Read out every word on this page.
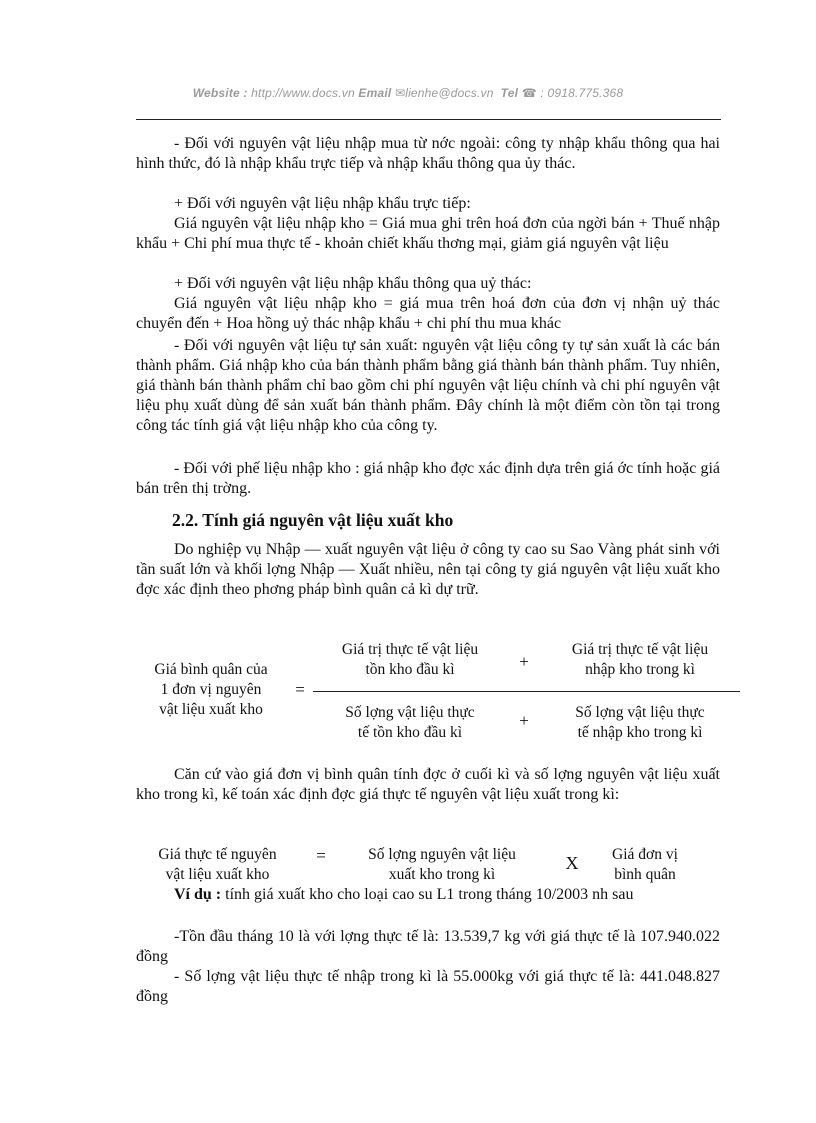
Website : http://www.docs.vn Email ✉lienhe@docs.vn Tel ☎ : 0918.775.368

- Đối với nguyên vật liệu nhập mua từ nớc ngoài: công ty nhập khẩu thông qua hai hình thức, đó là nhập khẩu trực tiếp và nhập khẩu thông qua ủy thác.

+ Đối với nguyên vật liệu nhập khẩu trực tiếp:

Giá nguyên vật liệu nhập kho = Giá mua ghi trên hoá đơn của ngời bán + Thuế nhập khẩu + Chi phí mua thực tế - khoản chiết khấu thơng mại, giảm giá nguyên vật liệu

+ Đối với nguyên vật liệu nhập khẩu thông qua uỷ thác:

Giá nguyên vật liệu nhập kho = giá mua trên hoá đơn của đơn vị nhận uỷ thác chuyển đến + Hoa hồng uỷ thác nhập khẩu + chi phí thu mua khác

- Đối với nguyên vật liệu tự sản xuất: nguyên vật liệu công ty tự sản xuất là các bán thành phẩm. Giá nhập kho của bán thành phẩm bằng giá thành bán thành phẩm. Tuy nhiên, giá thành bán thành phẩm chỉ bao gồm chi phí nguyên vật liệu chính và chi phí nguyên vật liệu phụ xuất dùng để sản xuất bán thành phẩm. Đây chính là một điểm còn tồn tại trong công tác tính giá vật liệu nhập kho của công ty.

- Đối với phế liệu nhập kho : giá nhập kho đợc xác định dựa trên giá ớc tính hoặc giá bán trên thị trờng.

2.2. Tính giá nguyên vật liệu xuất kho

Do nghiệp vụ Nhập — xuất nguyên vật liệu ở công ty cao su Sao Vàng phát sinh với tần suất lớn và khối lợng Nhập — Xuất nhiều, nên tại công ty giá nguyên vật liệu xuất kho đợc xác định theo phơng pháp bình quân cả kì dự trữ.

Giá bình quân của
1 đơn vị nguyên
vật liệu xuất kho
=
Giá trị thực tế vật liệu
tồn kho đầu kì	+
Giá trị thực tế vật liệu
nhập kho trong kì
Số lợng vật liệu thực
tế tồn kho đầu kì
+	Số lợng vật liệu thực
tế nhập kho trong kì

Căn cứ vào giá đơn vị bình quân tính đợc ở cuối kì và số lợng nguyên vật liệu xuất kho trong kì, kế toán xác định đợc giá thực tế nguyên vật liệu xuất trong kì:

Giá thực tế nguyên
vật liệu xuất kho
=	Số lợng nguyên vật liệu
xuất kho trong kì
X	Giá đơn vị
bình quân

Ví dụ : tính giá xuất kho cho loại cao su L1 trong tháng 10/2003 nh sau

-Tồn đầu tháng 10 là với lợng thực tế là: 13.539,7 kg với giá thực tế là 107.940.022 đồng

- Số lợng vật liệu thực tế nhập trong kì là 55.000kg với giá thực tế là: 441.048.827 đồng
